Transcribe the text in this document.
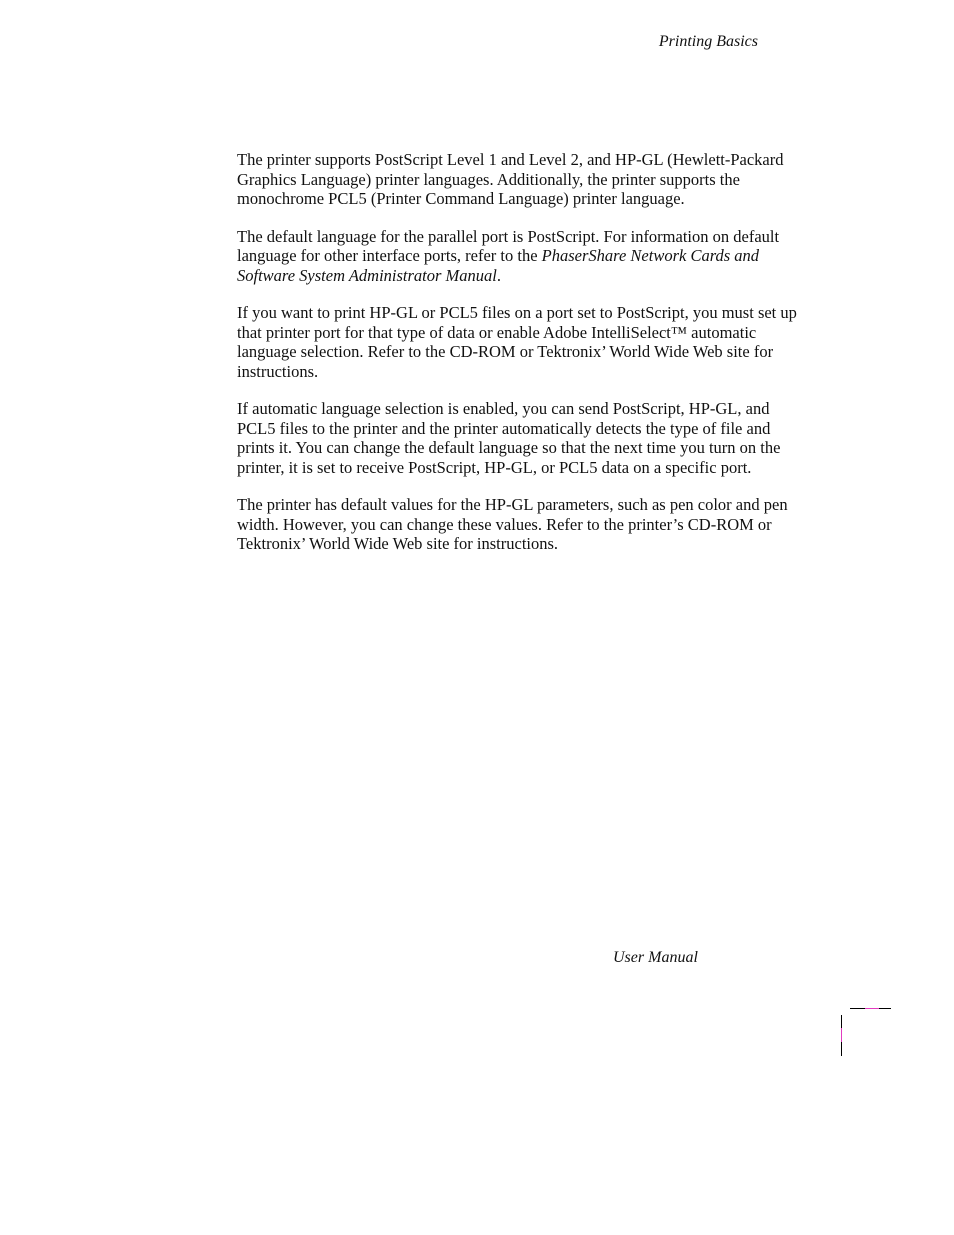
Printing Basics

The printer supports PostScript Level 1 and Level 2, and HP-GL (Hewlett-Packard Graphics Language) printer languages. Additionally, the printer supports the monochrome PCL5 (Printer Command Language) printer language.

The default language for the parallel port is PostScript. For information on default language for other interface ports, refer to the PhaserShare Network Cards and Software System Administrator Manual.

If you want to print HP-GL or PCL5 files on a port set to PostScript, you must set up that printer port for that type of data or enable Adobe IntelliSelect™ automatic language selection. Refer to the CD-ROM or Tektronix’ World Wide Web site for instructions.

If automatic language selection is enabled, you can send PostScript, HP-GL, and PCL5 files to the printer and the printer automatically detects the type of file and prints it. You can change the default language so that the next time you turn on the printer, it is set to receive PostScript, HP-GL, or PCL5 data on a specific port.

The printer has default values for the HP-GL parameters, such as pen color and pen width. However, you can change these values. Refer to the printer’s CD-ROM or Tektronix’ World Wide Web site for instructions.

User Manual
